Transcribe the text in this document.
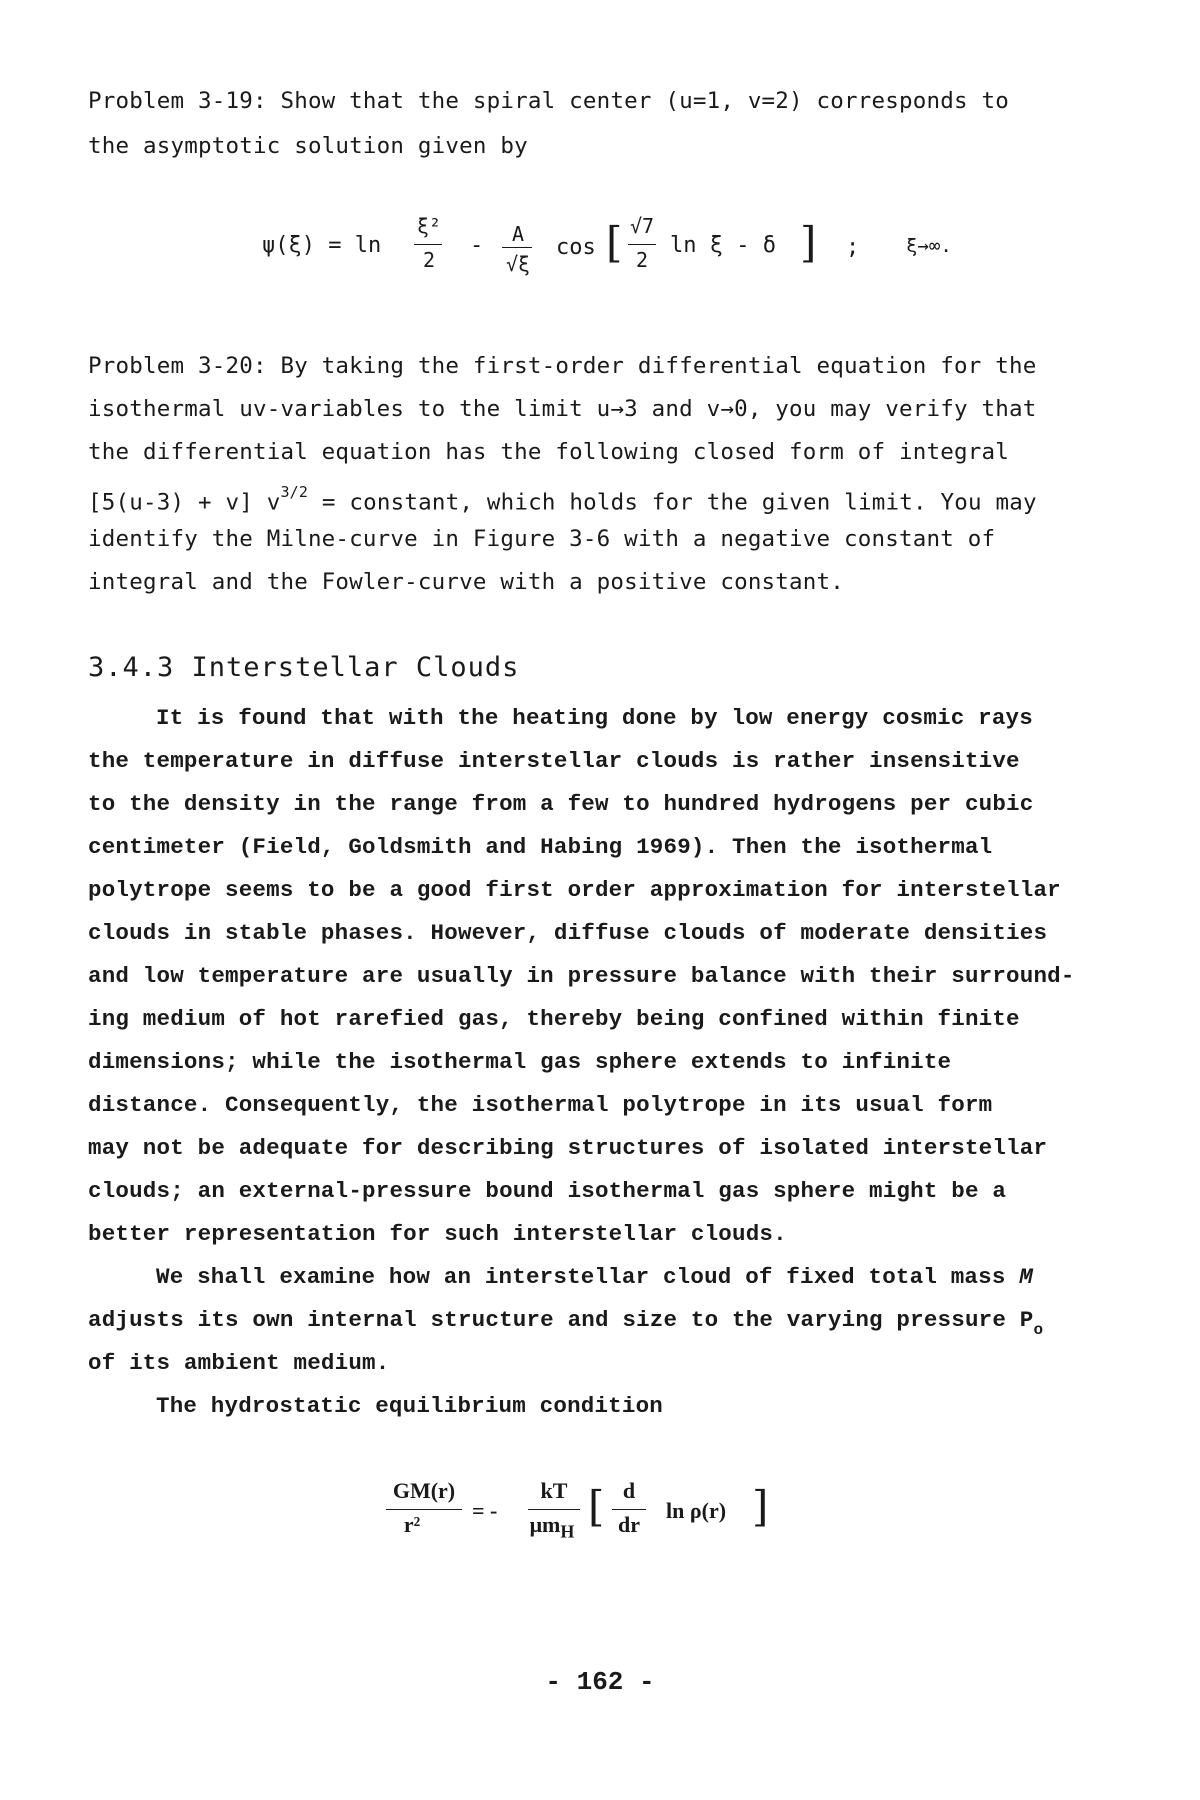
Problem 3-19: Show that the spiral center (u=1, v=2) corresponds to
the asymptotic solution given by
ψ(ξ) = ln
ξ²
2
-	A
√ξ
cos [ √7
2
ln ξ - δ ] ; ξ→∞.
Problem 3-20: By taking the first-order differential equation for the
isothermal uv-variables to the limit u→3 and v→0, you may verify that
the differential equation has the following closed form of integral
[5(u-3) + v] $v^{3/2}$ = constant, which holds for the given limit. You may
identify the Milne-curve in Figure 3-6 with a negative constant of
integral and the Fowler-curve with a positive constant.
3.4.3 Interstellar Clouds
It is found that with the heating done by low energy cosmic rays
the temperature in diffuse interstellar clouds is rather insensitive
to the density in the range from a few to hundred hydrogens per cubic
centimeter (Field, Goldsmith and Habing 1969). Then the isothermal
polytrope seems to be a good first order approximation for interstellar
clouds in stable phases. However, diffuse clouds of moderate densities
and low temperature are usually in pressure balance with their surround-
ing medium of hot rarefied gas, thereby being confined within finite
dimensions; while the isothermal gas sphere extends to infinite
distance. Consequently, the isothermal polytrope in its usual form
may not be adequate for describing structures of isolated interstellar
clouds; an external-pressure bound isothermal gas sphere might be a
better representation for such interstellar clouds.
We shall examine how an interstellar cloud of fixed total mass M
adjusts its own internal structure and size to the varying pressure $P_o$
of its ambient medium.
The hydrostatic equilibrium condition
GM(r)
r²
= -
kT
$\mu m_H$
[ d
dr
ln ρ(r) ]
- 162 -
